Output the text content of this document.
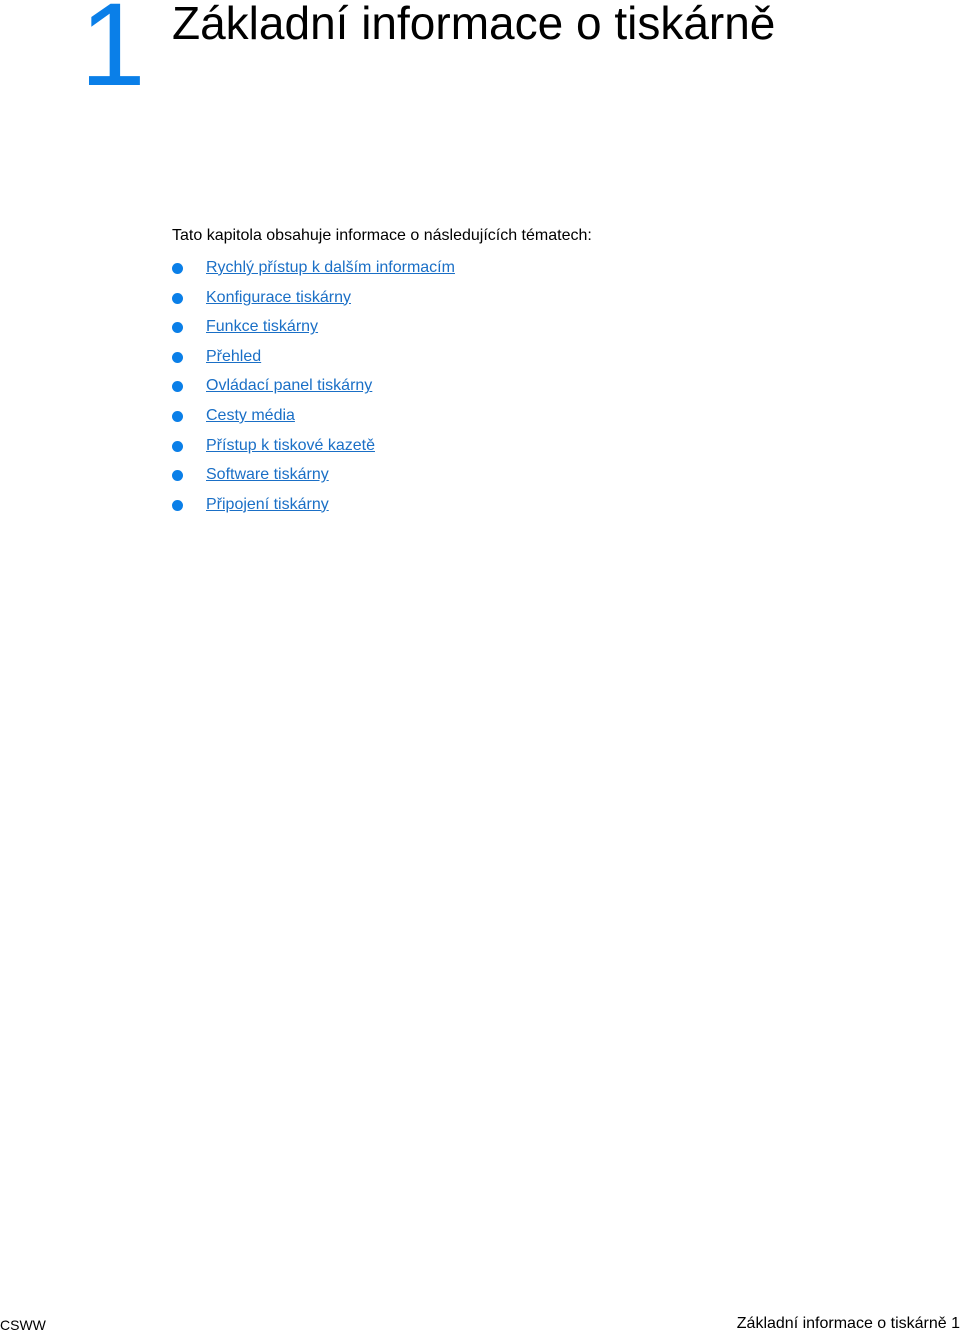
1 Základní informace o tiskárně
Tato kapitola obsahuje informace o následujících tématech:
Rychlý přístup k dalším informacím
Konfigurace tiskárny
Funkce tiskárny
Přehled
Ovládací panel tiskárny
Cesty média
Přístup k tiskové kazetě
Software tiskárny
Připojení tiskárny
CSWW	Základní informace o tiskárně 1
